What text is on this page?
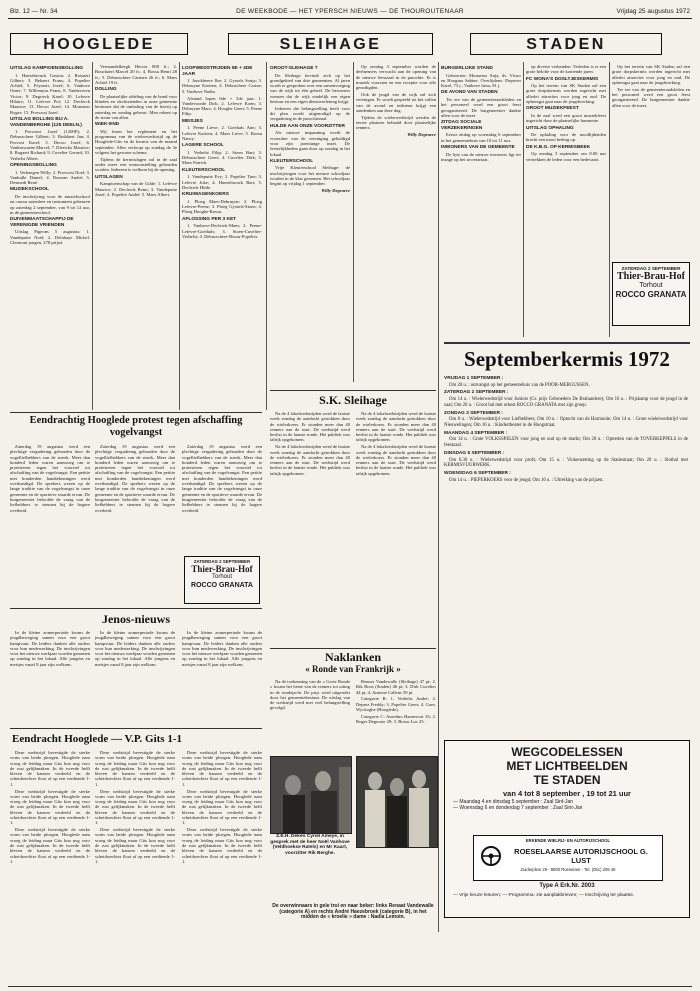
Blz. 12 — Nr. 34	DE WEEKBODE — HET YPERSCH NIEUWS — DE THOUROUTENAAR	Vrijdag 25 augustus 1972
HOOGLEDE	SLEIHAGE	STADEN
UITSLAG KAMPIOENSBOLLING

1. Haezebrouck Gaston; 2. Rotsaert Gilbert; 3. Bekaert Frans; 4. Popelier Achiel; 5. Feyaerts Jozef; 6. Vanhove Omer; 7. Willemyns Frans; 8. Vanbeveren Victor; 9. Degrieck Karel; 10. Lefevre Hilaire; 11. Lefevre Pol; 12. Declerck Maurice; 13. Decoo Jozef; 14. Monsieur Roger; 15. Provoost Jozef.

UITSLAG BOLLING BIJ A. VANDENBERGHE (125 DEELN.)

1. Provoost Jozef (1200F); 2. Debusschere Gilbert; 3. Boddaert Jan; 4. Provost Karel; 5. Decoo Jozef; 6. Vanbruwaene Marcel; 7. Dierickx Maurice; 8. Bogaert Richard; 9. Cuvelier Gerard; 10. Verhelst Albert.

OPENINGSBOLLING

1. Verhaegen Willy; 2. Provoost Noel; 3. Vanhulle Daniel; 4. Rossem André; 5. Desmedt René.

MUZIEKSCHOOL

De inschrijving voor de muziekschool en cursus notenleer en instrument gebeuren op zaterdag 2 september, van 9 tot 12 uur, in de gemeenteschool.

DUIVENMAATSCHAPPIJ DE VERENIGDE VRIENDEN

Uitslag Pigeons 5 augustus: 1. Vandeputte Noël; 2. Delahaye Michel. Clermont jongen, 278 prijsd.

Vermandelbergh Hector 800 fr.; 2. Bouchaert Marcel 20 fr.; 4. Bossu Henri 28 fr.; 5. Debusschere Carmen 26 fr.; 6. Maes Achiel 19 fr.

DOLLING

De plaatselijke afdeling van de bond voor blinden en slechtzienden in onze gemeente herinnert dat de omhaling van de loterij op zaterdag en zondag gebeurt. Men rekent op de steun van allen.

WIEK-END

Wij lezen het reglement en het programma van de wielerwedstrijd op de Hooglede-Gits en de kermis van de maand september. Alles verloopt op zondag de 3e volgens het gewone schema.

Tijdens de kermisdagen zal in de zaal onder meer een tentoonstelling gehouden worden. Iedereen is welkom bij de opening.

UITSLAGEN

Kampioenschap van de Gilde: 1. Lefevre Maurice; 2. Declerck Remi; 3. Vandeputte Jozef; 4. Popelier André; 5. Maes Albert.

LOOPWEDSTRIJDEN 5E + 4DE JAAR

1. Jonckheere Ilse; 2. Gyssels Sonja; 3. Debruyne Katrien; 4. Debuschere Carine; 5. Vanhove Nadia.

Afstand lopen 6de + 5de jaar: 1. Vandevoorde Dirk; 2. Lefevre Koen; 3. Debruyne Marc; 4. Hooghe Geert; 5. Peene Filip.

MEISJES

1. Peene Lieve; 2. Goethals Ann; 3. Lefevre Katrien; 4. Maes Lieve; 5. Bossu Nancy.

LAGERE SCHOOL

1. Verhelst Filip; 2. Sioen Bart; 3. Debusschere Geert; 4. Cuvelier Dirk; 5. Maes Patrick.

KLEUTERSCHOOL

1. Vandeputte Evy; 2. Popelier Tine; 3. Lefevre Joke; 4. Haezebrouck Bart; 5. Declerck Hilde.

KRUIWAGENKOERS

1. Ploeg Maes-Debruyne; 2. Ploeg Lefevre-Peene; 3. Ploeg Gyssels-Sioen; 4. Ploeg Hooghe-Bossu.

AFLOSSING PER 3 KET

1. Vanhove-Declerck-Maes; 2. Peene-Lefevre-Goethals; 3. Sioen-Cuvelier-Verhelst; 4. Debusschere-Bossu-Popelier.

GROOT-SLEIHAGE ?

De Sleihage bevindt zich op het grondgebied van drie gemeenten. Al jaren wordt er gesproken over een samenvoeging van de wijk tot één geheel. De bewoners wensen dat de wijk eindelijk een eigen bestuur en een eigen dienstverlening krijgt.

Iedereen die belangstelling heeft voor dit plan wordt uitgenodigd op de vergadering in de parochiezaal.

HULDE AAN ONZE VOORZITTER

Als nieuwe inspanning wordt de voorzitter van de vereniging gehuldigd voor zijn jarenlange inzet. De feestelijkheden gaan door op zondag in het lokaal.

KLEUTERSCHOOL

Vrije Kleuterschool Sleihage: de inschrijvingen voor het nieuwe schooljaar worden in de klas genomen. Het schooljaar begint op vrijdag 1 september.

Willy Degraeve

Op zondag 3 september worden de deelnemers verwacht aan de opening van de nieuwe feestzaal in de parochie. Er is muziek voorzien en een receptie voor alle genodigden.

Ook de jeugd van de wijk zal zich verenigen. Er wordt gespeeld tot het vallen van de avond en iedereen krijgt een aandenken aan deze dag.

Tijdens de wielerwedstrijd werden de eerste plaatsen behaald door plaatselijke renners.

Willy Degraeve
BURGERLIJKE STAND

Geboorten: Monserez Anja, dv. Victor en Hoogma Sabine. Overlijdens: Depover Karel, 73 j.; Vanhove Irma, 81 j.

DE AVOND VAN STADEN

Ter ere van de gemeenteraadsleden en het personeel werd een groot feest georganiseerd. De burgemeester dankte allen voor de inzet.

ZITDAG SOCIALE VERZEKERINGEN

Eerste zitdag op woensdag 6 september in het gemeentehuis van 10 tot 11 uur.

INWONERS VAN DE GEMEENTE

De lijst van de nieuwe inwoners ligt ter inzage op het secretariaat.

op diverse verbanden. Verleden is er een grote belofte voor de komende jaren.

FC WONA'S DOSLTJESKERMIS

Op het terrein van SK Staden zal een grote dorpskermis worden ingericht met allerlei attracties voor jong en oud. De opbrengst gaat naar de jeugdwerking.

GROOT MUZIEKFEEST

In de zaal werd een groot muziekfeest ingericht door de plaatselijke harmonie.

UITSLAG OPHALING

De ophaling voor de noodlijdenden bracht een mooi bedrag op.

DE K.B.G. OP KERMISBEEK

Op zondag 3 september om 8.00 uur vertrekken de leden voor een bedevaart.

Op het terrein van SK Staden zal een grote dorpskermis worden ingericht met allerlei attracties voor jong en oud. De opbrengst gaat naar de jeugdwerking.

Ter ere van de gemeenteraadsleden en het personeel werd een groot feest georganiseerd. De burgemeester dankte allen voor de inzet.

ZATERDAG 2 SEPTEMBER
Thier-Brau-Hof
Torhout
ROCCO GRANATA
Eendrachtig Hooglede protest tegen afschaffing vogelvangst

Zaterdag 19 augustus werd een plechtige vergadering gehouden door de vogelliefhebbers van de streek. Meer dan honderd leden waren aanwezig om te protesteren tegen het voorstel tot afschaffing van de vogelvangst. Een petitie met honderden handtekeningen werd overhandigd. De sprekers wezen op de lange traditie van de vogelvangst in onze gemeente en de sportieve waarde ervan. De burgemeester beloofde de vraag van de liefhebbers te steunen bij de hogere overheid.

Zaterdag 19 augustus werd een plechtige vergadering gehouden door de vogelliefhebbers van de streek. Meer dan honderd leden waren aanwezig om te protesteren tegen het voorstel tot afschaffing van de vogelvangst. Een petitie met honderden handtekeningen werd overhandigd. De sprekers wezen op de lange traditie van de vogelvangst in onze gemeente en de sportieve waarde ervan. De burgemeester beloofde de vraag van de liefhebbers te steunen bij de hogere overheid.

Zaterdag 19 augustus werd een plechtige vergadering gehouden door de vogelliefhebbers van de streek. Meer dan honderd leden waren aanwezig om te protesteren tegen het voorstel tot afschaffing van de vogelvangst. Een petitie met honderden handtekeningen werd overhandigd. De sprekers wezen op de lange traditie van de vogelvangst in onze gemeente en de sportieve waarde ervan. De burgemeester beloofde de vraag van de liefhebbers te steunen bij de hogere overheid.

ZATERDAG 2 SEPTEMBER
Thier-Brau-Hof
Torhout
ROCCO GRANATA
Jenos-nieuws

In de kleine zomerperiode kwam de jeugdbeweging samen voor een groot kampvuur. De leiders danken alle ouders voor hun medewerking. De inschrijvingen voor het nieuwe werkjaar worden genomen op zondag in het lokaal. Alle jongens en meisjes vanaf 8 jaar zijn welkom.

In de kleine zomerperiode kwam de jeugdbeweging samen voor een groot kampvuur. De leiders danken alle ouders voor hun medewerking. De inschrijvingen voor het nieuwe werkjaar worden genomen op zondag in het lokaal. Alle jongens en meisjes vanaf 8 jaar zijn welkom.

In de kleine zomerperiode kwam de jeugdbeweging samen voor een groot kampvuur. De leiders danken alle ouders voor hun medewerking. De inschrijvingen voor het nieuwe werkjaar worden genomen op zondag in het lokaal. Alle jongens en meisjes vanaf 8 jaar zijn welkom.

Eendracht Hooglede — V.P. Gits 1-1

Deze wedstrijd bevestigde de sterke vorm van beide ploegen. Hooglede nam vroeg de leiding maar Gits kon nog voor de rust gelijkmaken. In de tweede helft bleven de kansen verdeeld en de scheidsrechter floot af op een verdiende 1-1.

Deze wedstrijd bevestigde de sterke vorm van beide ploegen. Hooglede nam vroeg de leiding maar Gits kon nog voor de rust gelijkmaken. In de tweede helft bleven de kansen verdeeld en de scheidsrechter floot af op een verdiende 1-1.

Deze wedstrijd bevestigde de sterke vorm van beide ploegen. Hooglede nam vroeg de leiding maar Gits kon nog voor de rust gelijkmaken. In de tweede helft bleven de kansen verdeeld en de scheidsrechter floot af op een verdiende 1-1.

Deze wedstrijd bevestigde de sterke vorm van beide ploegen. Hooglede nam vroeg de leiding maar Gits kon nog voor de rust gelijkmaken. In de tweede helft bleven de kansen verdeeld en de scheidsrechter floot af op een verdiende 1-1.

Deze wedstrijd bevestigde de sterke vorm van beide ploegen. Hooglede nam vroeg de leiding maar Gits kon nog voor de rust gelijkmaken. In de tweede helft bleven de kansen verdeeld en de scheidsrechter floot af op een verdiende 1-1.

Deze wedstrijd bevestigde de sterke vorm van beide ploegen. Hooglede nam vroeg de leiding maar Gits kon nog voor de rust gelijkmaken. In de tweede helft bleven de kansen verdeeld en de scheidsrechter floot af op een verdiende 1-1.

Deze wedstrijd bevestigde de sterke vorm van beide ploegen. Hooglede nam vroeg de leiding maar Gits kon nog voor de rust gelijkmaken. In de tweede helft bleven de kansen verdeeld en de scheidsrechter floot af op een verdiende 1-1.

Deze wedstrijd bevestigde de sterke vorm van beide ploegen. Hooglede nam vroeg de leiding maar Gits kon nog voor de rust gelijkmaken. In de tweede helft bleven de kansen verdeeld en de scheidsrechter floot af op een verdiende 1-1.

Deze wedstrijd bevestigde de sterke vorm van beide ploegen. Hooglede nam vroeg de leiding maar Gits kon nog voor de rust gelijkmaken. In de tweede helft bleven de kansen verdeeld en de scheidsrechter floot af op een verdiende 1-1.

S.K. Sleihage

Na de 4 lokalwedstrijden werd de laatste week zondag de aandacht getrokken door de wielerkoers. Er stonden meer dan 40 renners aan de start. De wedstrijd werd beslist in de laatste ronde. Het publiek was talrijk opgekomen.

Na de 4 lokalwedstrijden werd de laatste week zondag de aandacht getrokken door de wielerkoers. Er stonden meer dan 40 renners aan de start. De wedstrijd werd beslist in de laatste ronde. Het publiek was talrijk opgekomen.

Na de 4 lokalwedstrijden werd de laatste week zondag de aandacht getrokken door de wielerkoers. Er stonden meer dan 40 renners aan de start. De wedstrijd werd beslist in de laatste ronde. Het publiek was talrijk opgekomen.

Na de 4 lokalwedstrijden werd de laatste week zondag de aandacht getrokken door de wielerkoers. Er stonden meer dan 40 renners aan de start. De wedstrijd werd beslist in de laatste ronde. Het publiek was talrijk opgekomen.

Naklanken
« Ronde van Frankrijk »

Na de toekenning van de « Grote Ronde » kwam het beste van de renners tot uiting in de rondejacht. De prijs werd uitgereikt door het gemeentebestuur. De uitslag van de wedstrijd werd met veel belangstelling gevolgd.

Renner Vandewalle (Sleihage) 47 pt; 2. Rik Roos (Staden) 46 pt; 3. Dirk Cuvelier 44 pt; 4. Antoine Callens 39 pt.

Categorie B: 1. Verhelst André; 2. Deprez Freddy; 3. Popelier Geert; 4. Gom. Wyckoghe (Hooglede).

Categorie C: Anselmo Haanvoort 33; 2. Roger Degroote 29; 3. Bossu Luc 25.

Z.E.H. Deken Cyriel Ameye, in gesprek met de heer Noël Vanhove (Veldhoekse Ratels) en Mr Kaart, voorzitter Rik Berghe.
De overwinnaars in gele trui en naar beker: links Renaat Vandewalle (categorie A) en rechts André Haezebroek (categorie B), in het midden de « kroelie » dame : Nadia Lemoin.
Septemberkermis 1972
VRIJDAG 1 SEPTEMBER :

Om 20 u. : ontvangst op het gemeentehuis van de POOR-MERGUSSEN.

ZATERDAG 2 SEPTEMBER :

Om 14 u. : Wielerwedstrijd voor Juniors (Gr. prijs Gebroeders De Brabandere); Om 16 u. : Prijskamp voor de jeugd in de zaal; Om 20 u. : Groot bal met orkest ROCCO GRANATA met zijn groep.

ZONDAG 3 SEPTEMBER :

Om 8 u. : Wielerwedstrijd voor Liefhebbers; Om 10 u. : Optocht van de Harmonie; Om 14 u. : Grote wielerwedstrijd voor Nieuwelingen; Om 16 u. : Kindertheater in de Hoogstraat.

MAANDAG 4 SEPTEMBER :

Om 14 u. : Grote VOLKSSPELEN voor jong en oud op de markt; Om 20 u. : Optreden van de TOVERKEPPELS in de feestzaal.

DINSDAG 5 SEPTEMBER :

Om 8.30 u. : Wielerwedstrijd voor profs; Om 15 u. : Vinkenzetting op de Statiestraat; Om 20 u. : Slotbal met KERMISVUURWERK.

WOENSDAG 6 SEPTEMBER :

Om 14 u. : PIEPERKOERS voor de jeugd; Om 16 u. : Uitreiking van de prijzen.

WEGCODELESSEN
MET LICHTBEELDEN
TE STADEN
van 4 tot 8 september , 19 tot 21 uur
— Maandag 4 en dinsdag 5 september : Zaal Sint-Jan
— Woensdag 6 en donderdag 7 september : Zaal Sint-Jan
ERKENDE WIELRIJ- EN AUTORIJSCHOOL
ROESELAARSE AUTORIJSCHOOL G. LUST
Zuiderplein 29 - 8800 Roeselare - Tel. (051) 209 48
Type A Erk.Nr. 2003
— Vrije keuze lesuren; — Programma: zie aanplakbrieven; — Inschrijving ter plaatse.
